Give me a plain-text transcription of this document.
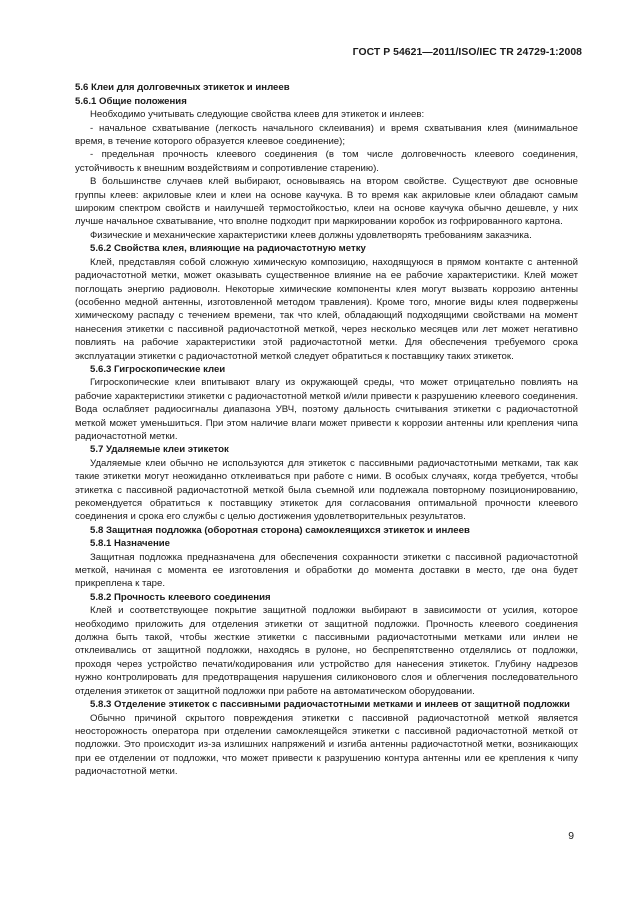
ГОСТ Р 54621—2011/ISO/IEC TR 24729-1:2008
5.6 Клеи для долговечных этикеток и инлеев
5.6.1 Общие положения

Необходимо учитывать следующие свойства клеев для этикеток и инлеев:

- начальное схватывание (легкость начального склеивания) и время схватывания клея (минимальное время, в течение которого образуется клеевое соединение);

- предельная прочность клеевого соединения (в том числе долговечность клеевого соединения, устойчивость к внешним воздействиям и сопротивление старению).

В большинстве случаев клей выбирают, основываясь на втором свойстве. Существуют две основные группы клеев: акриловые клеи и клеи на основе каучука. В то время как акриловые клеи обладают самым широким спектром свойств и наилучшей термостойкостью, клеи на основе каучука обычно дешевле, у них лучше начальное схватывание, что вполне подходит при маркировании коробок из гофрированного картона.

Физические и механические характеристики клеев должны удовлетворять требованиям заказчика.

5.6.2 Свойства клея, влияющие на радиочастотную метку

Клей, представляя собой сложную химическую композицию, находящуюся в прямом контакте с антенной радиочастотной метки, может оказывать существенное влияние на ее рабочие характеристики. Клей может поглощать энергию радиоволн. Некоторые химические компоненты клея могут вызвать коррозию антенны (особенно медной антенны, изготовленной методом травления). Кроме того, многие виды клея подвержены химическому распаду с течением времени, так что клей, обладающий подходящими свойствами на момент нанесения этикетки с пассивной радиочастотной меткой, через несколько месяцев или лет может негативно повлиять на рабочие характеристики этой радиочастотной метки. Для обеспечения требуемого срока эксплуатации этикетки с радиочастотной меткой следует обратиться к поставщику таких этикеток.

5.6.3 Гигроскопические клеи

Гигроскопические клеи впитывают влагу из окружающей среды, что может отрицательно повлиять на рабочие характеристики этикетки с радиочастотной меткой и/или привести к разрушению клеевого соединения. Вода ослабляет радиосигналы диапазона УВЧ, поэтому дальность считывания этикетки с радиочастотной меткой может уменьшиться. При этом наличие влаги может привести к коррозии антенны или крепления чипа радиочастотной метки.

5.7 Удаляемые клеи этикеток

Удаляемые клеи обычно не используются для этикеток с пассивными радиочастотными метками, так как такие этикетки могут неожиданно отклеиваться при работе с ними. В особых случаях, когда требуется, чтобы этикетка с пассивной радиочастотной меткой была съемной или подлежала повторному позиционированию, рекомендуется обратиться к поставщику этикеток для согласования оптимальной прочности клеевого соединения и срока его службы с целью достижения удовлетворительных результатов.

5.8 Защитная подложка (оборотная сторона) самоклеящихся этикеток и инлеев
5.8.1 Назначение

Защитная подложка предназначена для обеспечения сохранности этикетки с пассивной радиочастотной меткой, начиная с момента ее изготовления и обработки до момента доставки в место, где она будет прикреплена к таре.

5.8.2 Прочность клеевого соединения

Клей и соответствующее покрытие защитной подложки выбирают в зависимости от усилия, которое необходимо приложить для отделения этикетки от защитной подложки. Прочность клеевого соединения должна быть такой, чтобы жесткие этикетки с пассивными радиочастотными метками или инлеи не отклеивались от защитной подложки, находясь в рулоне, но беспрепятственно отделялись от подложки, проходя через устройство печати/кодирования или устройство для нанесения этикеток. Глубину надрезов нужно контролировать для предотвращения нарушения силиконового слоя и облегчения последовательного отделения этикеток от защитной подложки при работе на автоматическом оборудовании.

5.8.3 Отделение этикеток с пассивными радиочастотными метками и инлеев от защитной подложки

Обычно причиной скрытого повреждения этикетки с пассивной радиочастотной меткой является неосторожность оператора при отделении самоклеящейся этикетки с пассивной радиочастотной меткой от подложки. Это происходит из-за излишних напряжений и изгиба антенны радиочастотной метки, возникающих при ее отделении от подложки, что может привести к разрушению контура антенны или ее крепления к чипу радиочастотной метки.

9
